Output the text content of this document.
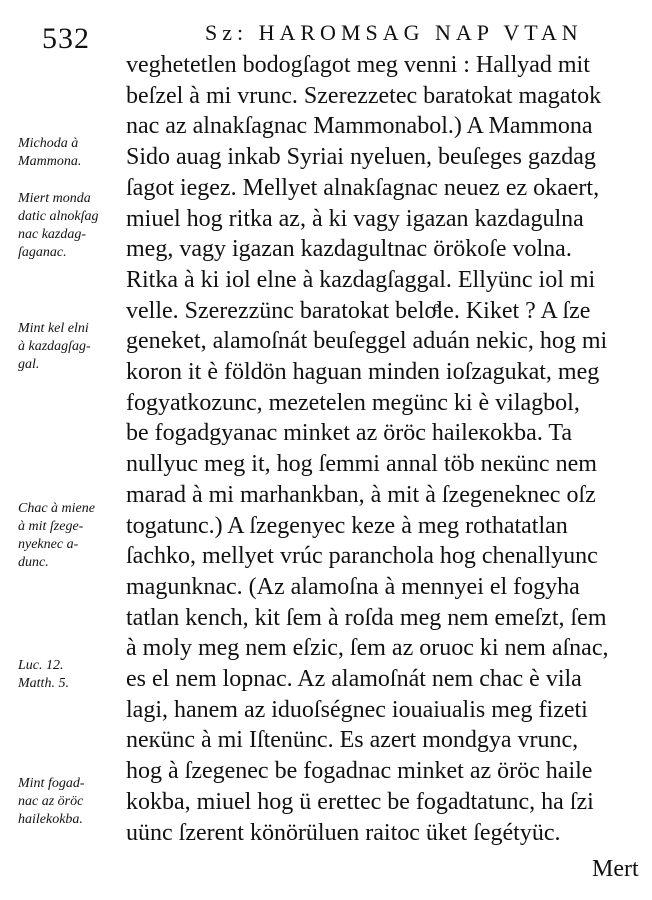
532	Sz: HAROMSAG NAP VTAN
veghetetlen bodogſagot meg venni : Hallyad mit
beſzel à mi vrunc. Szerezzetec baratokat magatok
nac az alnakſagnac Mammonabol.) A Mammona
Sido auag inkab Syriai nyeluen, beuſeges gazdag
ſagot iegez. Mellyet alnakſagnac neuez ez okaert,
miuel hog ritka az, à ki vagy igazan kazdagulna
meg, vagy igazan kazdagultnac örökoſe volna.
Ritka à ki iol elne à kazdagſaggal. Ellyünc iol mi
velle. Szerezzünc baratokat beloͤle. Kiket ? A ſze
geneket, alamoſnát beuſeggel aduán nekic, hog mi
koron it è földön haguan minden ioſzagukat, meg
fogyatkozunc, mezetelen megünc ki è vilagbol,
be fogadgyanac minket az öröc haileкokba. Ta
nullyuc meg it, hog ſemmi annal töb neкünc nem
marad à mi marhankban, à mit à ſzegeneknec oſz
togatunc.) A ſzegenyec keze à meg rothatatlan
ſachko, mellyet vrúc paranchola hog chenallyunc
magunknac. (Az alamoſna à mennyei el fogyha
tatlan kench, kit ſem à roſda meg nem emeſzt, ſem
à moly meg nem eſzic, ſem az oruoc ki nem aſnac,
es el nem lopnac. Az alamoſnát nem chac è vila
lagi, hanem az iduoſségnec iouaiualis meg fizeti
neкünc à mi Iſtenünc. Es azert mondgya vrunc,
hog à ſzegenec be fogadnac minket az öröc haile
kokba, miuel hog ü erettec be fogadtatunc, ha ſzi
uünc ſzerent könörüluen raitoc üket ſegétyüc.
Mert
Michoda à
Mammona.
Miert monda
datic alnokſag
nac kazdag-
ſaganac.
Mint kel elni
à kazdagſag-
gal.
Chac à miene
à mit ſzege-
nyeknec a-
dunc.
Luc. 12.
Matth. 5.
Mint fogad-
nac az öröc
hailekokba.
